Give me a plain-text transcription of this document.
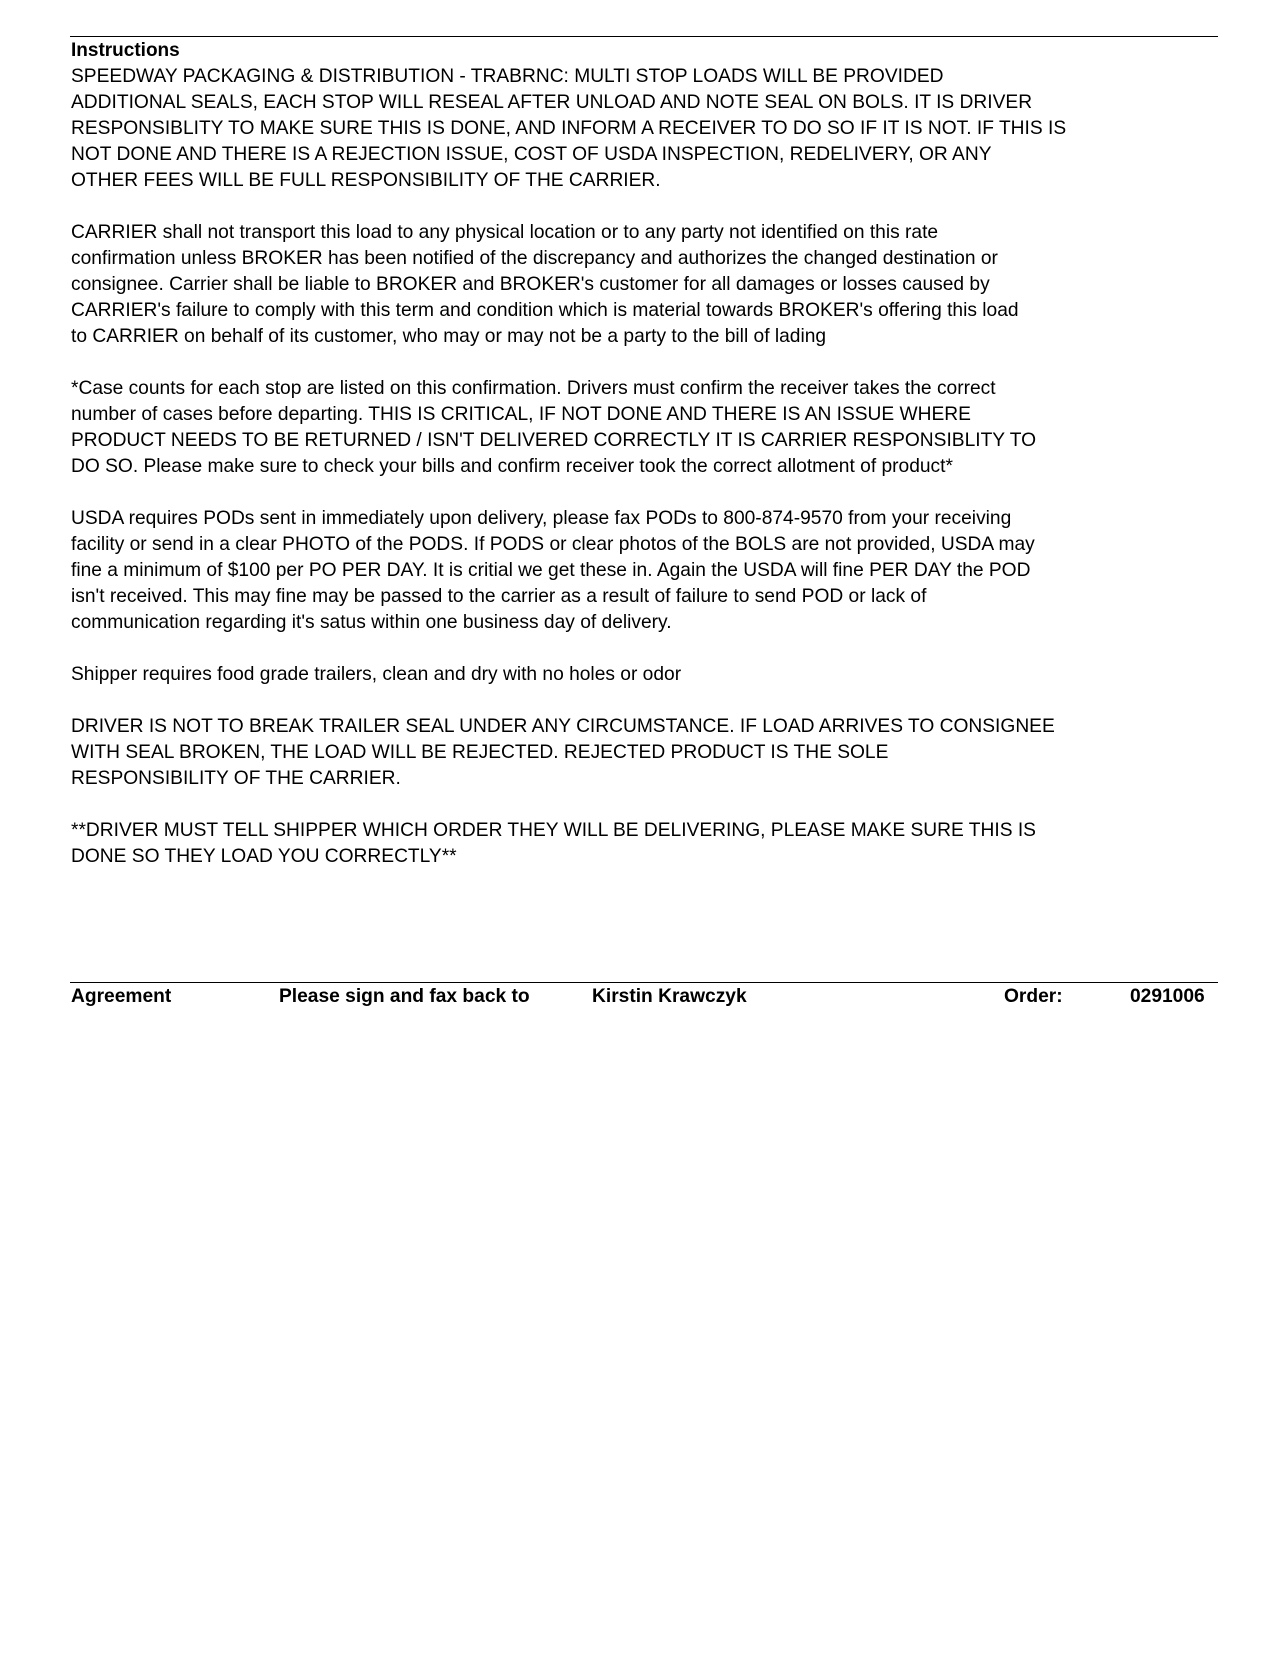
Instructions

SPEEDWAY PACKAGING & DISTRIBUTION - TRABRNC: MULTI STOP LOADS WILL BE PROVIDED
ADDITIONAL SEALS, EACH STOP WILL RESEAL AFTER UNLOAD AND NOTE SEAL ON BOLS. IT IS DRIVER
RESPONSIBLITY TO MAKE SURE THIS IS DONE, AND INFORM A RECEIVER TO DO SO IF IT IS NOT. IF THIS IS
NOT DONE AND THERE IS A REJECTION ISSUE, COST OF USDA INSPECTION, REDELIVERY, OR ANY
OTHER FEES WILL BE FULL RESPONSIBILITY OF THE CARRIER.

CARRIER shall not transport this load to any physical location or to any party not identified on this rate
confirmation unless BROKER has been notified of the discrepancy and authorizes the changed destination or
consignee. Carrier shall be liable to BROKER and BROKER's customer for all damages or losses caused by
CARRIER's failure to comply with this term and condition which is material towards BROKER's offering this load
to CARRIER on behalf of its customer, who may or may not be a party to the bill of lading

*Case counts for each stop are listed on this confirmation. Drivers must confirm the receiver takes the correct
number of cases before departing. THIS IS CRITICAL, IF NOT DONE AND THERE IS AN ISSUE WHERE
PRODUCT NEEDS TO BE RETURNED / ISN'T DELIVERED CORRECTLY IT IS CARRIER RESPONSIBLITY TO
DO SO. Please make sure to check your bills and confirm receiver took the correct allotment of product*

USDA requires PODs sent in immediately upon delivery, please fax PODs to 800-874-9570 from your receiving
facility or send in a clear PHOTO of the PODS. If PODS or clear photos of the BOLS are not provided, USDA may
fine a minimum of $100 per PO PER DAY. It is critial we get these in. Again the USDA will fine PER DAY the POD
isn't received. This may fine may be passed to the carrier as a result of failure to send POD or lack of
communication regarding it's satus within one business day of delivery.

Shipper requires food grade trailers, clean and dry with no holes or odor

DRIVER IS NOT TO BREAK TRAILER SEAL UNDER ANY CIRCUMSTANCE. IF LOAD ARRIVES TO CONSIGNEE
WITH SEAL BROKEN, THE LOAD WILL BE REJECTED. REJECTED PRODUCT IS THE SOLE
RESPONSIBILITY OF THE CARRIER.

**DRIVER MUST TELL SHIPPER WHICH ORDER THEY WILL BE DELIVERING, PLEASE MAKE SURE THIS IS
DONE SO THEY LOAD YOU CORRECTLY**

Agreement	Please sign and fax back to	Kirstin Krawczyk	Order:	0291006
